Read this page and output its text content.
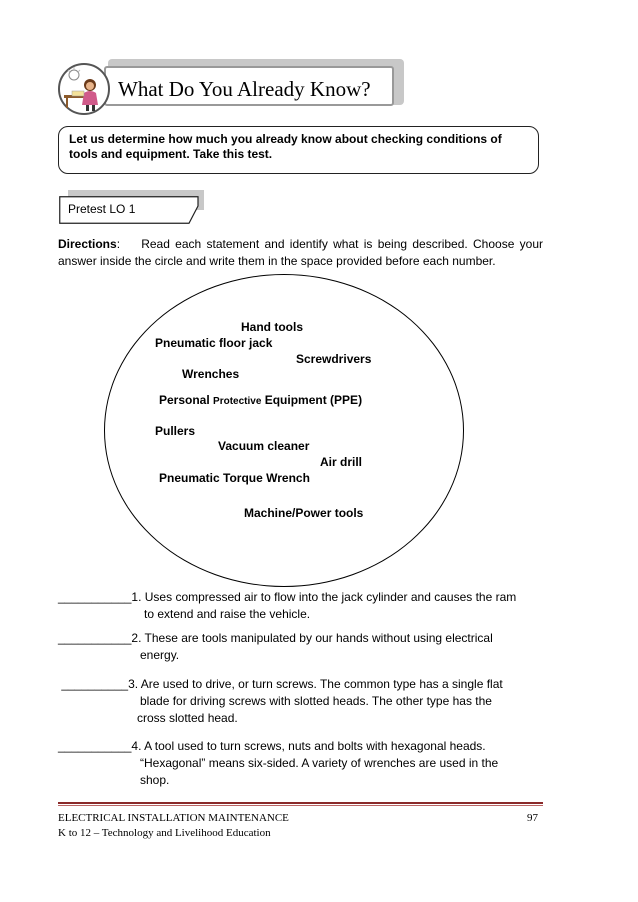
What Do You Already Know?
Let us determine how much you already know about checking conditions of tools and equipment. Take this test.
Pretest LO 1
Directions:    Read each statement and identify what is being described. Choose your answer inside the circle and write them in the space provided before each number.
Hand tools
Pneumatic floor jack
Screwdrivers
Wrenches
Personal Protective Equipment (PPE)
Pullers
Vacuum cleaner
Air drill
Pneumatic Torque Wrench
Machine/Power tools
___________1. Uses compressed air to flow into the jack cylinder and causes the ram
to extend and raise the vehicle.
___________2. These are tools manipulated by our hands without using electrical
energy.
__________3. Are used to drive, or turn screws. The common type has a single flat
blade for driving screws with slotted heads. The other type has the
cross slotted head.
___________4. A tool used to turn screws, nuts and bolts with hexagonal heads.
“Hexagonal” means six-sided. A variety of wrenches are used in the
shop.
ELECTRICAL INSTALLATION MAINTENANCE
K to 12 – Technology and Livelihood Education
97
